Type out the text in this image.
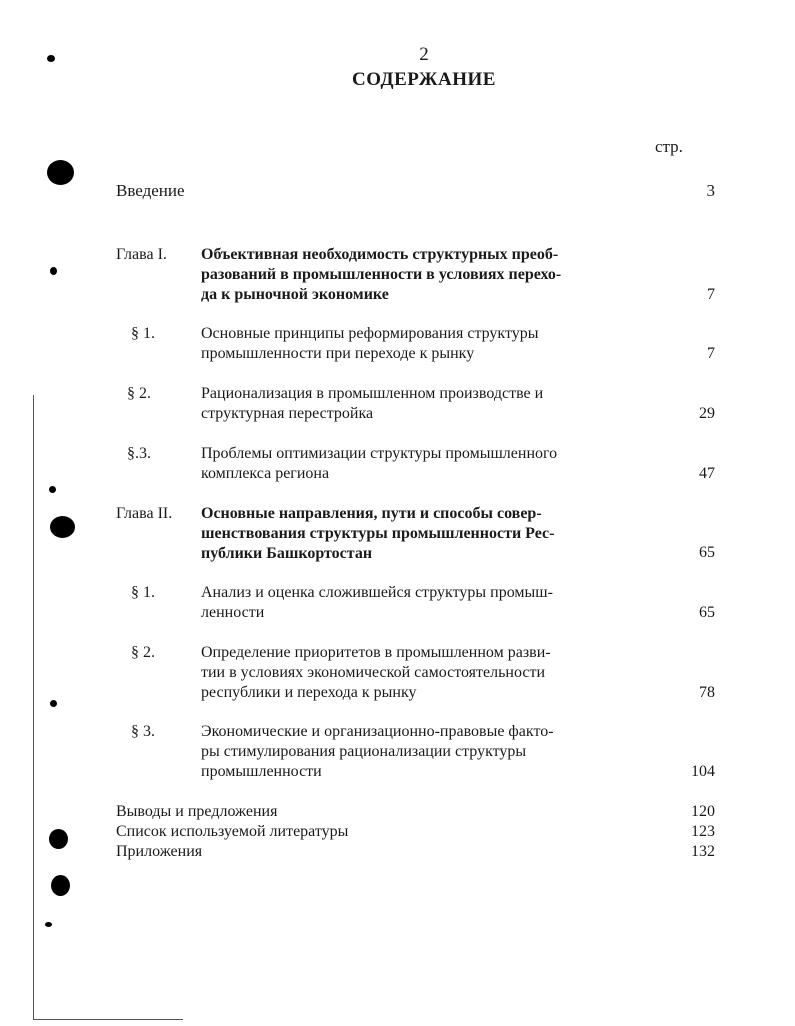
2
СОДЕРЖАНИЕ
стр.
Введение	3
Глава I. Объективная необходимость структурных преоб-
разований в промышленности в условиях перехо-
да к рыночной экономике	7
§ 1.	Основные принципы реформирования структуры
промышленности при переходе к рынку	7
§ 2.	Рационализация в промышленном производстве и
структурная перестройка	29
§.3.	Проблемы оптимизации структуры промышленного
комплекса региона	47
Глава II. Основные направления, пути и способы совер-
шенствования структуры промышленности Рес-
публики Башкортостан	65
§ 1.	Анализ и оценка сложившейся структуры промыш-
ленности	65
§ 2.	Определение приоритетов в промышленном разви-
тии в условиях экономической самостоятельности
республики и перехода к рынку	78
§ 3.	Экономические и организационно-правовые факто-
ры стимулирования рационализации структуры
промышленности	104
Выводы и предложения	120
Список используемой литературы	123
Приложения	132
